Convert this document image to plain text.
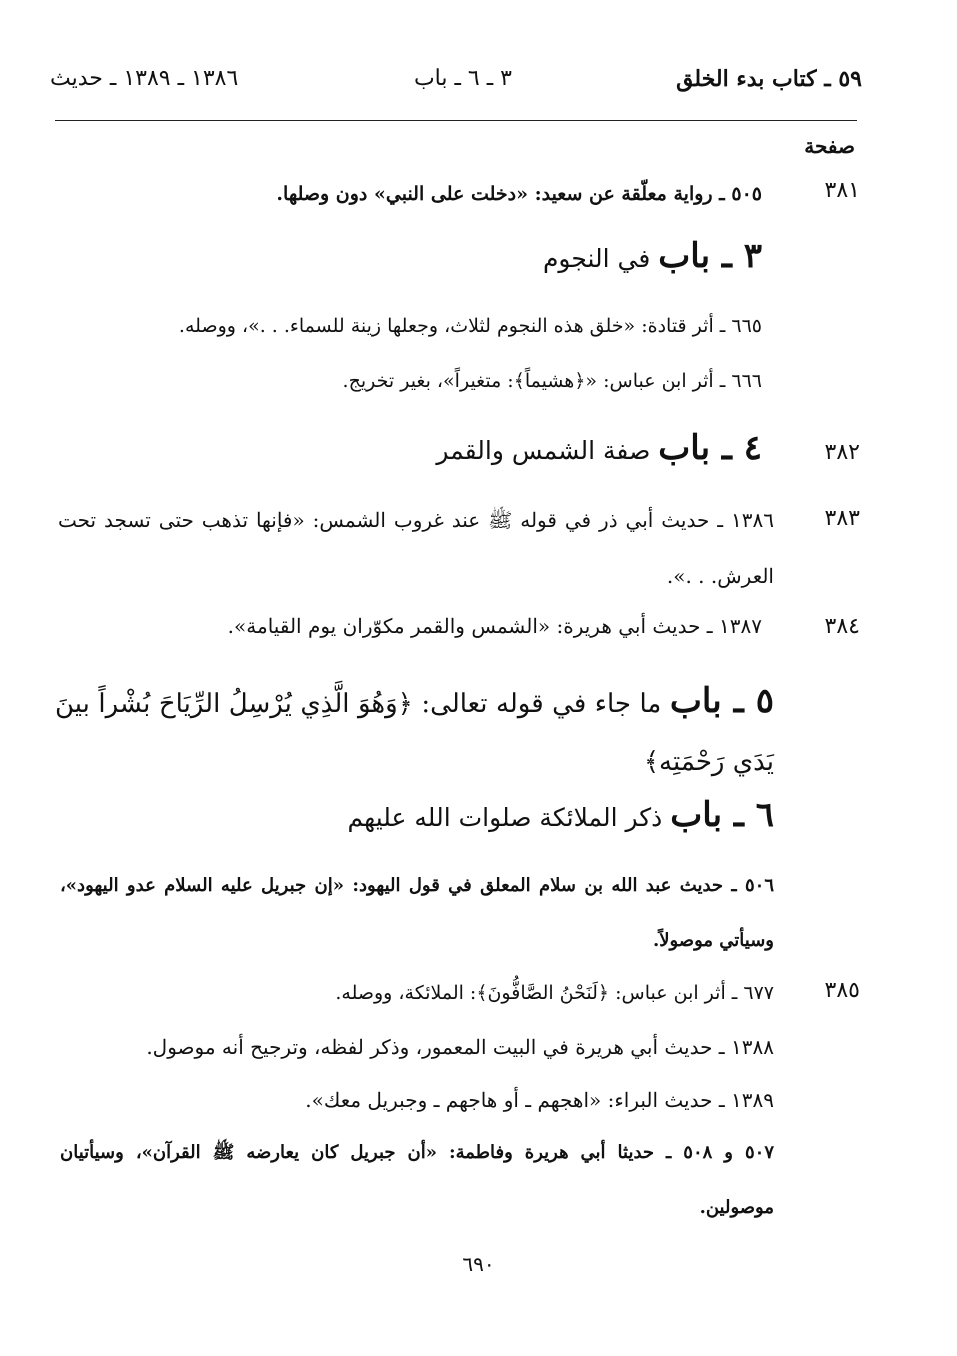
٥٩ ـ كتاب بدء الخلق
٣ ـ ٦ ـ باب
١٣٨٦ ـ ١٣٨٩ ـ حديث
صفحة
٣٨١
٥٠٥ ـ رواية معلّقة عن سعيد: «دخلت على النبي» دون وصلها.
٣ ـ باب في النجوم
٦٦٥ ـ أثر قتادة: «خلق هذه النجوم لثلاث، وجعلها زينة للسماء. . .»، ووصله.
٦٦٦ ـ أثر ابن عباس: «﴿هشيماً﴾: متغيراً»، بغير تخريج.
٣٨٢
٤ ـ باب صفة الشمس والقمر
٣٨٣
١٣٨٦ ـ حديث أبي ذر في قوله ﷺ عند غروب الشمس: «فإنها تذهب حتى تسجد تحت العرش. . .».
٣٨٤
١٣٨٧ ـ حديث أبي هريرة: «الشمس والقمر مكوّران يوم القيامة».
٥ ـ باب ما جاء في قوله تعالى: ﴿وَهُوَ الَّذِي يُرْسِلُ الرِّيَاحَ بُشْراً بينَ يَدَي رَحْمَتِه﴾
٦ ـ باب ذكر الملائكة صلوات الله عليهم
٥٠٦ ـ حديث عبد الله بن سلام المعلق في قول اليهود: «إن جبريل عليه السلام عدو اليهود»، وسيأتي موصولاً.
٣٨٥
٦٧٧ ـ أثر ابن عباس: ﴿لَنَحْنُ الصَّافُّونَ﴾: الملائكة، ووصله.
١٣٨٨ ـ حديث أبي هريرة في البيت المعمور، وذكر لفظه، وترجيح أنه موصول.
١٣٨٩ ـ حديث البراء: «اهجهم ـ أو هاجهم ـ وجبريل معك».
٥٠٧ و ٥٠٨ ـ حديثا أبي هريرة وفاطمة: «أن جبريل كان يعارضه ﷺ القرآن»، وسيأتيان موصولين.
٦٩٠
